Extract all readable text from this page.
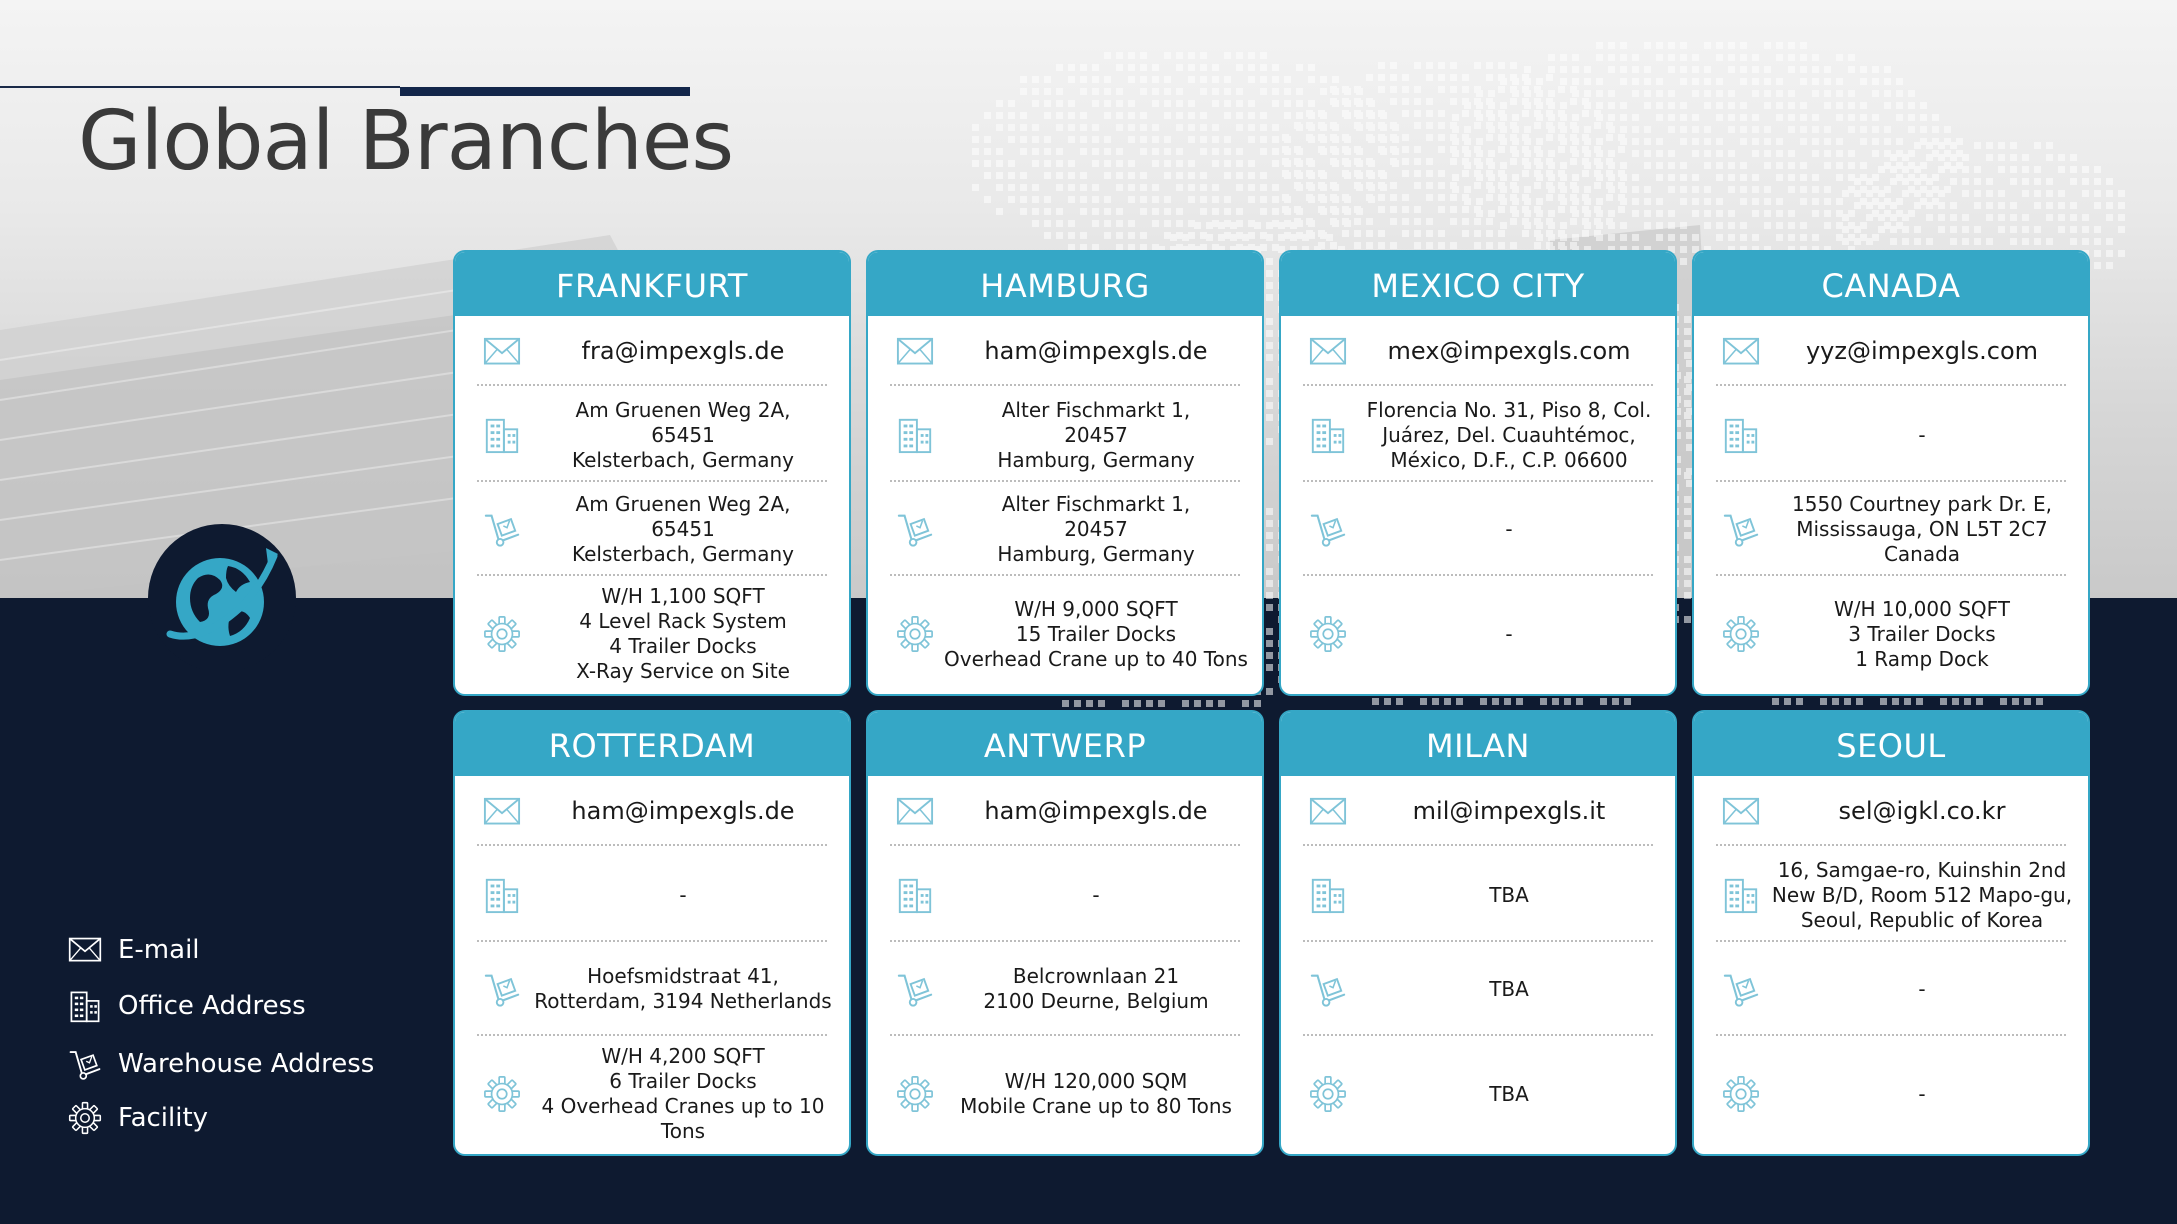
Global Branches
FRANKFURT
fra@impexgls.de
Am Gruenen Weg 2A,
65451
Kelsterbach, Germany
Am Gruenen Weg 2A,
65451
Kelsterbach, Germany
W/H 1,100 SQFT
4 Level Rack System
4 Trailer Docks
X-Ray Service on Site
HAMBURG
ham@impexgls.de
Alter Fischmarkt 1,
20457
Hamburg, Germany
Alter Fischmarkt 1,
20457
Hamburg, Germany
W/H 9,000 SQFT
15 Trailer Docks
Overhead Crane up to 40 Tons
MEXICO CITY
mex@impexgls.com
Florencia No. 31, Piso 8, Col.
Juárez, Del. Cuauhtémoc,
México, D.F., C.P. 06600
-
-
CANADA
yyz@impexgls.com
-
1550 Courtney park Dr. E,
Mississauga, ON L5T 2C7
Canada
W/H 10,000 SQFT
3 Trailer Docks
1 Ramp Dock
ROTTERDAM
ham@impexgls.de
-
Hoefsmidstraat 41,
Rotterdam, 3194 Netherlands
W/H 4,200 SQFT
6 Trailer Docks
4 Overhead Cranes up to 10 Tons
ANTWERP
ham@impexgls.de
-
Belcrownlaan 21
2100 Deurne, Belgium
W/H 120,000 SQM
Mobile Crane up to 80 Tons
MILAN
mil@impexgls.it
TBA
TBA
TBA
SEOUL
sel@igkl.co.kr
16, Samgae-ro, Kuinshin 2nd
New B/D, Room 512 Mapo-gu,
Seoul, Republic of Korea
-
-
E-mail
Office Address
Warehouse Address
Facility
